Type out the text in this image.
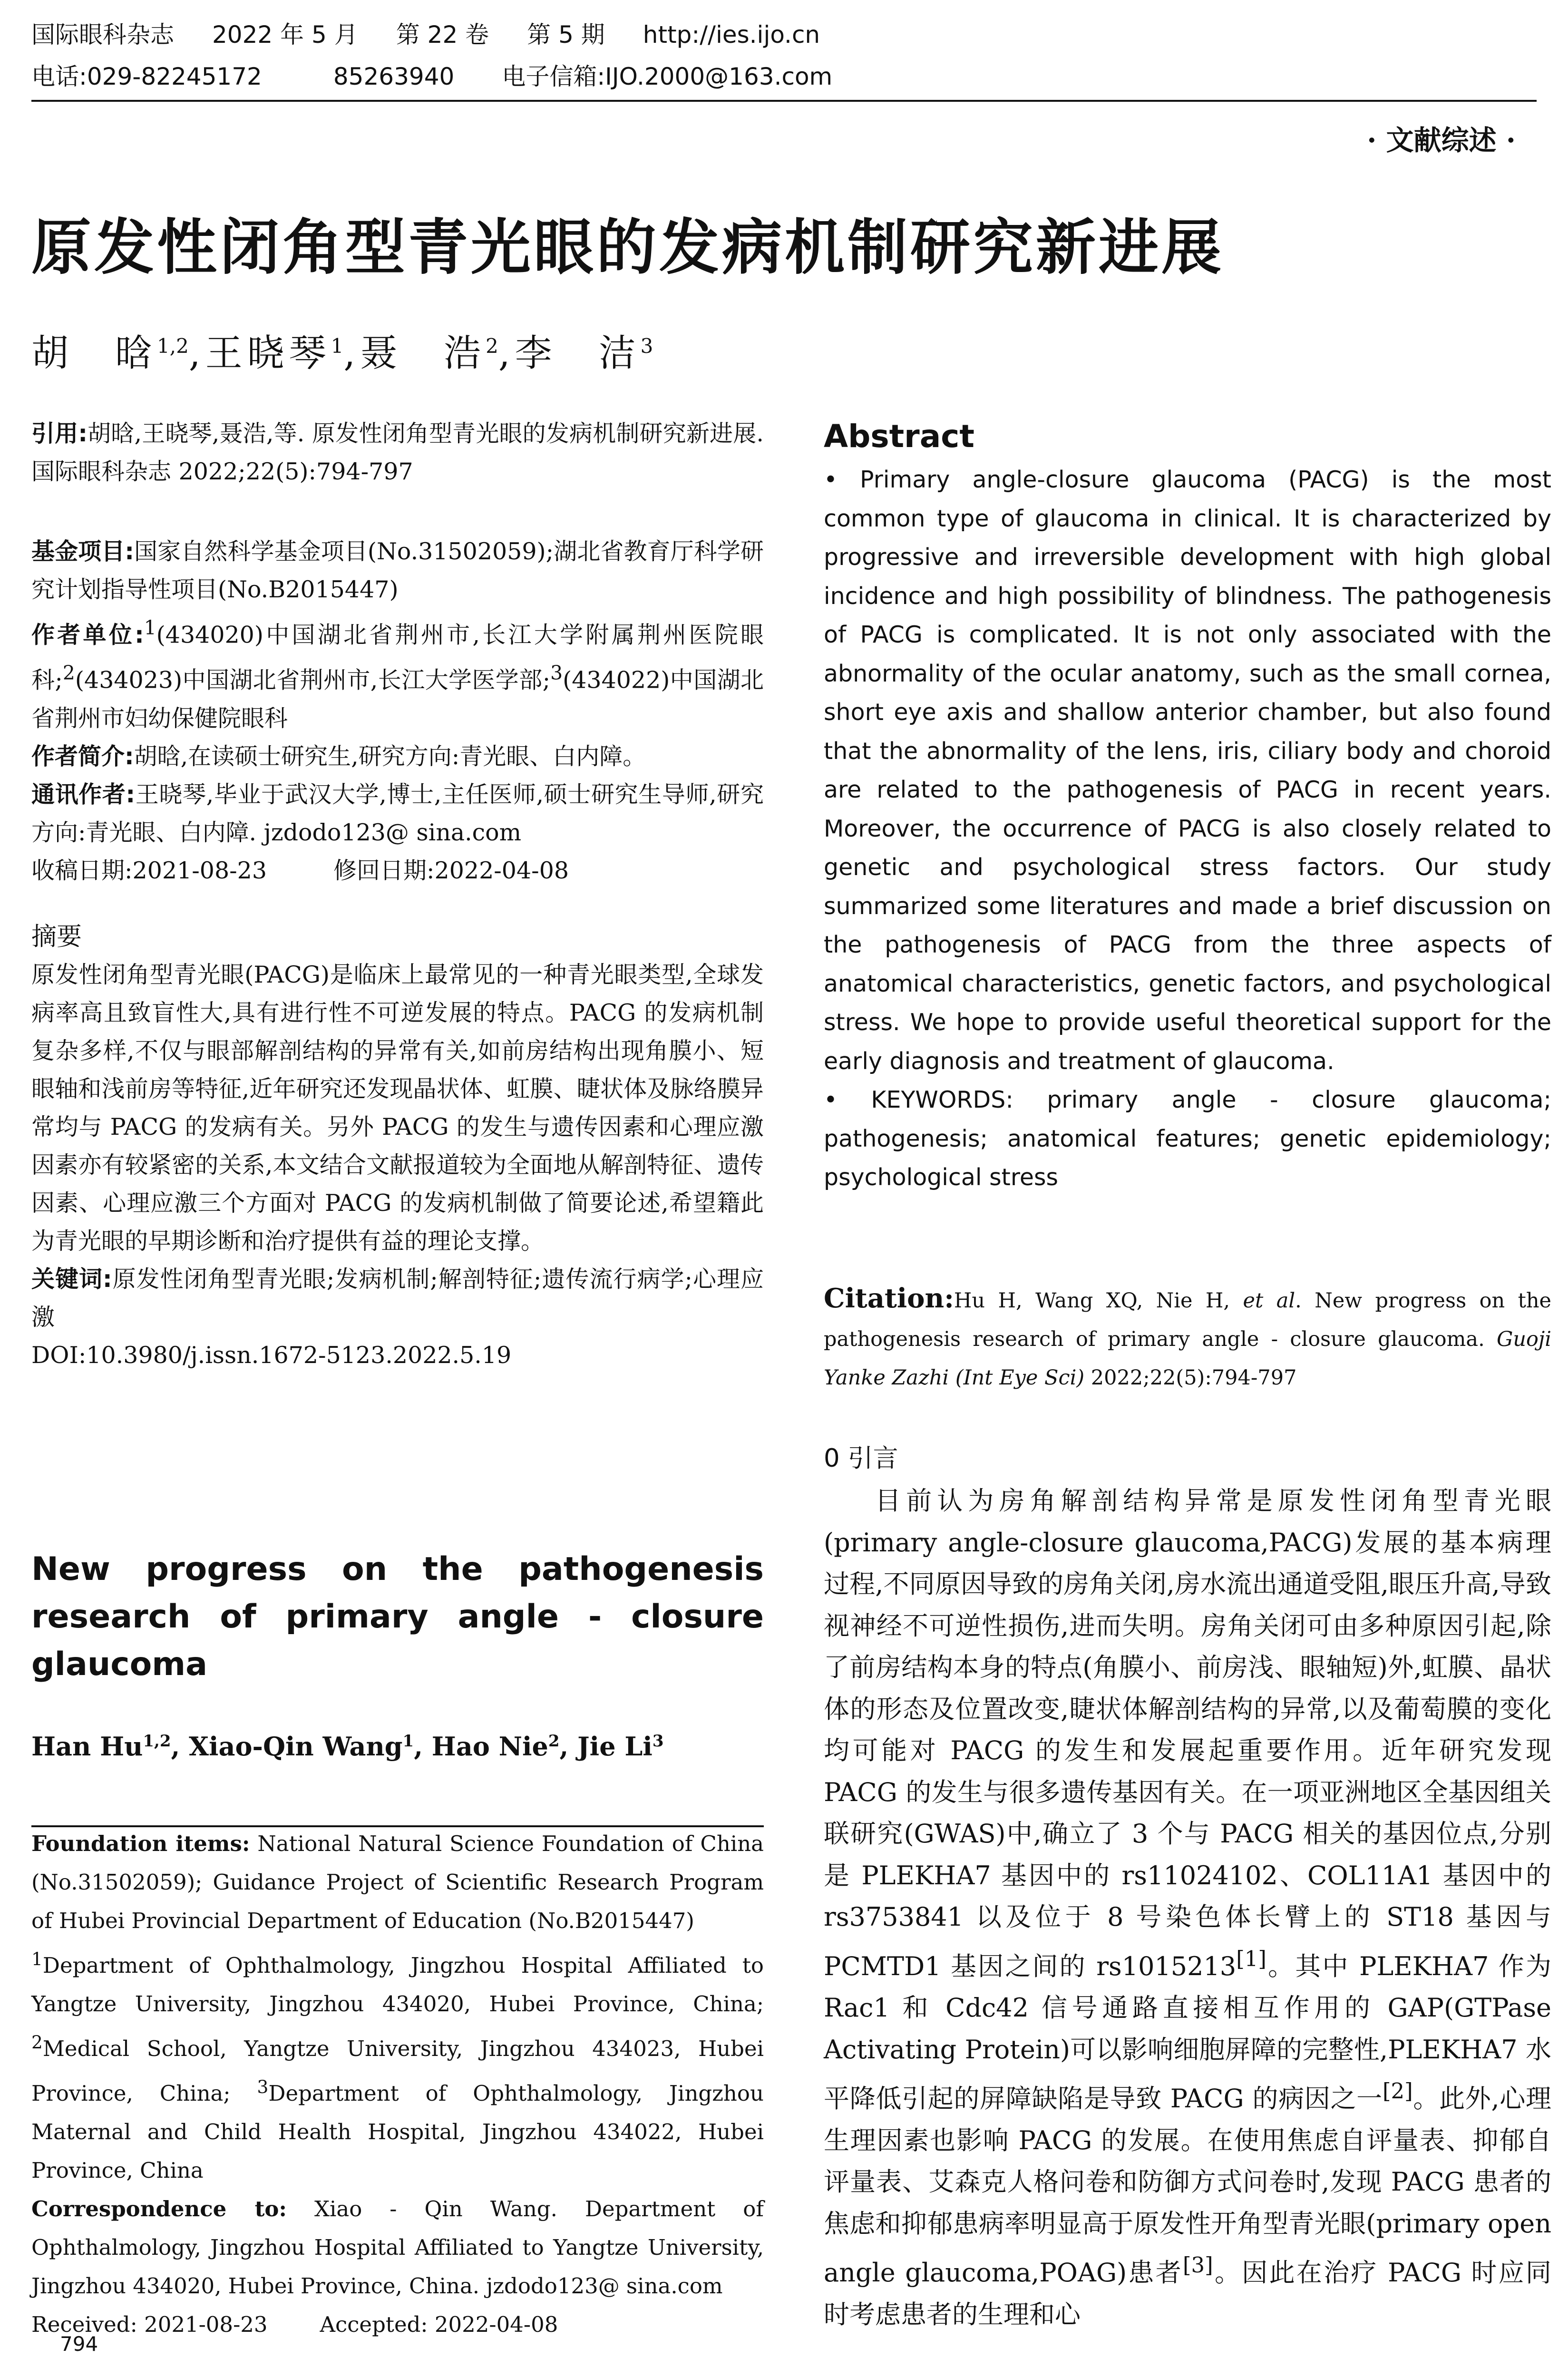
国际眼科杂志 2022 年 5 月 第 22 卷 第 5 期 http://ies.ijo.cn
电话:029-82245172	85263940 电子信箱:IJO.2000@163.com
· 文献综述 ·
原发性闭角型青光眼的发病机制研究新进展
胡　晗$^{1,2}$,王晓琴$^1$,聂　浩$^2$,李　洁$^3$

引用:胡晗,王晓琴,聂浩,等. 原发性闭角型青光眼的发病机制研究新进展. 国际眼科杂志 2022;22(5):794-797

基金项目:国家自然科学基金项目(No.31502059);湖北省教育厅科学研究计划指导性项目(No.B2015447)

作者单位:$^1$(434020)中国湖北省荆州市,长江大学附属荆州医院眼科;$^2$(434023)中国湖北省荆州市,长江大学医学部;$^3$(434022)中国湖北省荆州市妇幼保健院眼科

作者简介:胡晗,在读硕士研究生,研究方向:青光眼、白内障。

通讯作者:王晓琴,毕业于武汉大学,博士,主任医师,硕士研究生导师,研究方向:青光眼、白内障. jzdodo123@ sina.com

收稿日期:2021-08-23	修回日期:2022-04-08

摘要

原发性闭角型青光眼(PACG)是临床上最常见的一种青光眼类型,全球发病率高且致盲性大,具有进行性不可逆发展的特点。PACG 的发病机制复杂多样,不仅与眼部解剖结构的异常有关,如前房结构出现角膜小、短眼轴和浅前房等特征,近年研究还发现晶状体、虹膜、睫状体及脉络膜异常均与 PACG 的发病有关。另外 PACG 的发生与遗传因素和心理应激因素亦有较紧密的关系,本文结合文献报道较为全面地从解剖特征、遗传因素、心理应激三个方面对 PACG 的发病机制做了简要论述,希望籍此为青光眼的早期诊断和治疗提供有益的理论支撑。

关键词:原发性闭角型青光眼;发病机制;解剖特征;遗传流行病学;心理应激

DOI:10.3980/j.issn.1672-5123.2022.5.19

New progress on the pathogenesis research of primary angle - closure glaucoma
Han Hu$^{1,2}$, Xiao-Qin Wang$^1$, Hao Nie$^2$, Jie Li$^3$

Foundation items: National Natural Science Foundation of China (No.31502059); Guidance Project of Scientific Research Program of Hubei Provincial Department of Education (No.B2015447)

$^1$Department of Ophthalmology, Jingzhou Hospital Affiliated to Yangtze University, Jingzhou 434020, Hubei Province, China; $^2$Medical School, Yangtze University, Jingzhou 434023, Hubei Province, China; $^3$Department of Ophthalmology, Jingzhou Maternal and Child Health Hospital, Jingzhou 434022, Hubei Province, China

Correspondence to: Xiao - Qin Wang. Department of Ophthalmology, Jingzhou Hospital Affiliated to Yangtze University, Jingzhou 434020, Hubei Province, China. jzdodo123@ sina.com

Received: 2021-08-23 Accepted: 2022-04-08

Abstract

• Primary angle-closure glaucoma (PACG) is the most common type of glaucoma in clinical. It is characterized by progressive and irreversible development with high global incidence and high possibility of blindness. The pathogenesis of PACG is complicated. It is not only associated with the abnormality of the ocular anatomy, such as the small cornea, short eye axis and shallow anterior chamber, but also found that the abnormality of the lens, iris, ciliary body and choroid are related to the pathogenesis of PACG in recent years. Moreover, the occurrence of PACG is also closely related to genetic and psychological stress factors. Our study summarized some literatures and made a brief discussion on the pathogenesis of PACG from the three aspects of anatomical characteristics, genetic factors, and psychological stress. We hope to provide useful theoretical support for the early diagnosis and treatment of glaucoma.

• KEYWORDS: primary angle - closure glaucoma; pathogenesis; anatomical features; genetic epidemiology; psychological stress

Citation:Hu H, Wang XQ, Nie H, et al. New progress on the pathogenesis research of primary angle - closure glaucoma. Guoji Yanke Zazhi (Int Eye Sci) 2022;22(5):794-797

0 引言

目前认为房角解剖结构异常是原发性闭角型青光眼(primary angle-closure glaucoma,PACG)发展的基本病理过程,不同原因导致的房角关闭,房水流出通道受阻,眼压升高,导致视神经不可逆性损伤,进而失明。房角关闭可由多种原因引起,除了前房结构本身的特点(角膜小、前房浅、眼轴短)外,虹膜、晶状体的形态及位置改变,睫状体解剖结构的异常,以及葡萄膜的变化均可能对 PACG 的发生和发展起重要作用。近年研究发现 PACG 的发生与很多遗传基因有关。在一项亚洲地区全基因组关联研究(GWAS)中,确立了 3 个与 PACG 相关的基因位点,分别是 PLEKHA7 基因中的 rs11024102、COL11A1 基因中的 rs3753841 以及位于 8 号染色体长臂上的 ST18 基因与 PCMTD1 基因之间的 rs1015213[1]。其中 PLEKHA7 作为 Rac1 和 Cdc42 信号通路直接相互作用的 GAP(GTPase Activating Protein)可以影响细胞屏障的完整性,PLEKHA7 水平降低引起的屏障缺陷是导致 PACG 的病因之一[2]。此外,心理生理因素也影响 PACG 的发展。在使用焦虑自评量表、抑郁自评量表、艾森克人格问卷和防御方式问卷时,发现 PACG 患者的焦虑和抑郁患病率明显高于原发性开角型青光眼(primary open angle glaucoma,POAG)患者[3]。因此在治疗 PACG 时应同时考虑患者的生理和心

794
